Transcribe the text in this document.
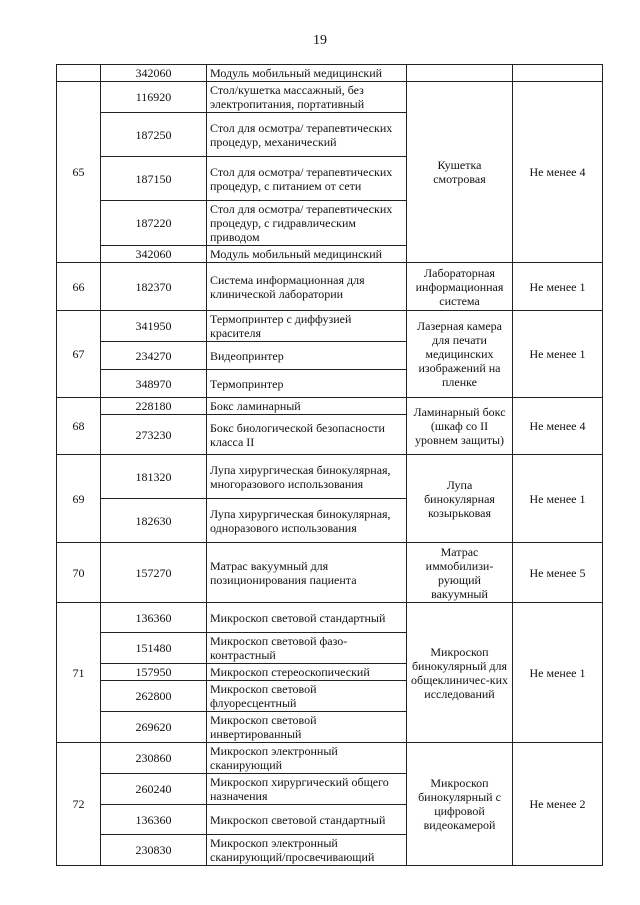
19
	342060	Модуль мобильный медицинский		
65	116920	Стол/кушетка массажный, без электропитания, портативный	Кушетка смотровая	Не менее 4
	187250	Стол для осмотра/ терапевтических процедур, механический		
	187150	Стол для осмотра/ терапевтических процедур, с питанием от сети		
	187220	Стол для осмотра/ терапевтических процедур, с гидравлическим приводом		
	342060	Модуль мобильный медицинский		
66	182370	Система информационная для клинической лаборатории	Лабораторная информационная система	Не менее 1
67	341950	Термопринтер с диффузией красителя	Лазерная камера для печати медицинских изображений на пленке	Не менее 1
	234270	Видеопринтер		
	348970	Термопринтер		
68	228180	Бокс ламинарный	Ламинарный бокс (шкаф со II уровнем защиты)	Не менее 4
	273230	Бокс биологической безопасности класса II		
69	181320	Лупа хирургическая бинокулярная, многоразового использования	Лупа бинокулярная козырьковая	Не менее 1
	182630	Лупа хирургическая бинокулярная, одноразового использования		
70	157270	Матрас вакуумный для позиционирования пациента	Матрас иммобилизи-рующий вакуумный	Не менее 5
71	136360	Микроскоп световой стандартный	Микроскоп бинокулярный для общеклиничес-ких исследований	Не менее 1
	151480	Микроскоп световой фазо-контрастный		
	157950	Микроскоп стереоскопический		
	262800	Микроскоп световой флуоресцентный		
	269620	Микроскоп световой инвертированный		
72	230860	Микроскоп электронный сканирующий	Микроскоп бинокулярный с цифровой видеокамерой	Не менее 2
	260240	Микроскоп хирургический общего назначения		
	136360	Микроскоп световой стандартный		
	230830	Микроскоп электронный сканирующий/просвечивающий		
